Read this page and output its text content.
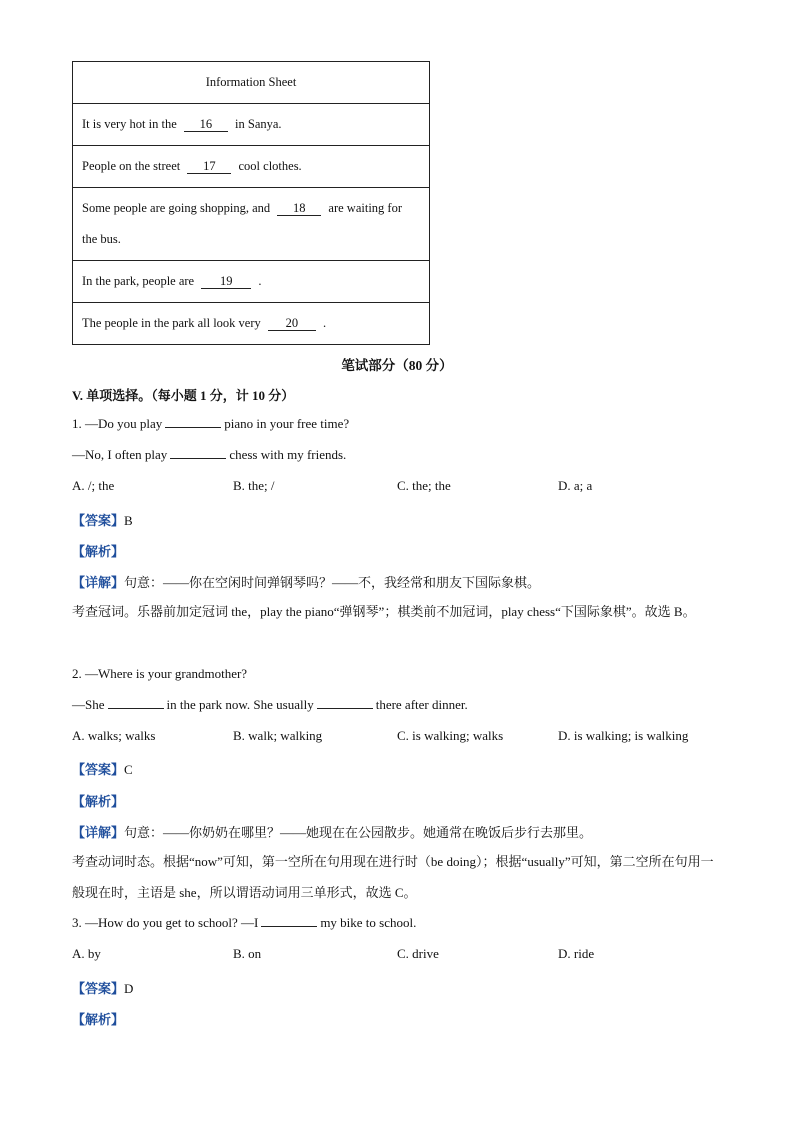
Information Sheet
It is very hot in the 16 in Sanya.
People on the street 17 cool clothes.
Some people are going shopping, and 18 are waiting for the bus.
In the park, people are 19 .
The people in the park all look very 20 .
笔试部分（80 分）
V. 单项选择。（每小题 1 分，计 10 分）
1. —Do you play	piano in your free time?
—No, I often play	chess with my friends.
A. /; the	B. the; /	C. the; the	D. a; a
【答案】B
【解析】
【详解】句意：——你在空闲时间弹钢琴吗？——不，我经常和朋友下国际象棋。
考查冠词。乐器前加定冠词 the，play the piano“弹钢琴”；棋类前不加冠词，play chess“下国际象棋”。故选 B。
2. —Where is your grandmother?
—She	in the park now. She usually	there after dinner.
A. walks; walks	B. walk; walking	C. is walking; walks	D. is walking; is walking
【答案】C
【解析】
【详解】句意：——你奶奶在哪里？——她现在在公园散步。她通常在晚饭后步行去那里。
考查动词时态。根据“now”可知，第一空所在句用现在进行时（be doing）；根据“usually”可知，第二空所在句用一般现在时，主语是 she，所以谓语动词用三单形式，故选 C。
3. —How do you get to school? —I	my bike to school.
A. by	B. on	C. drive	D. ride
【答案】D
【解析】
